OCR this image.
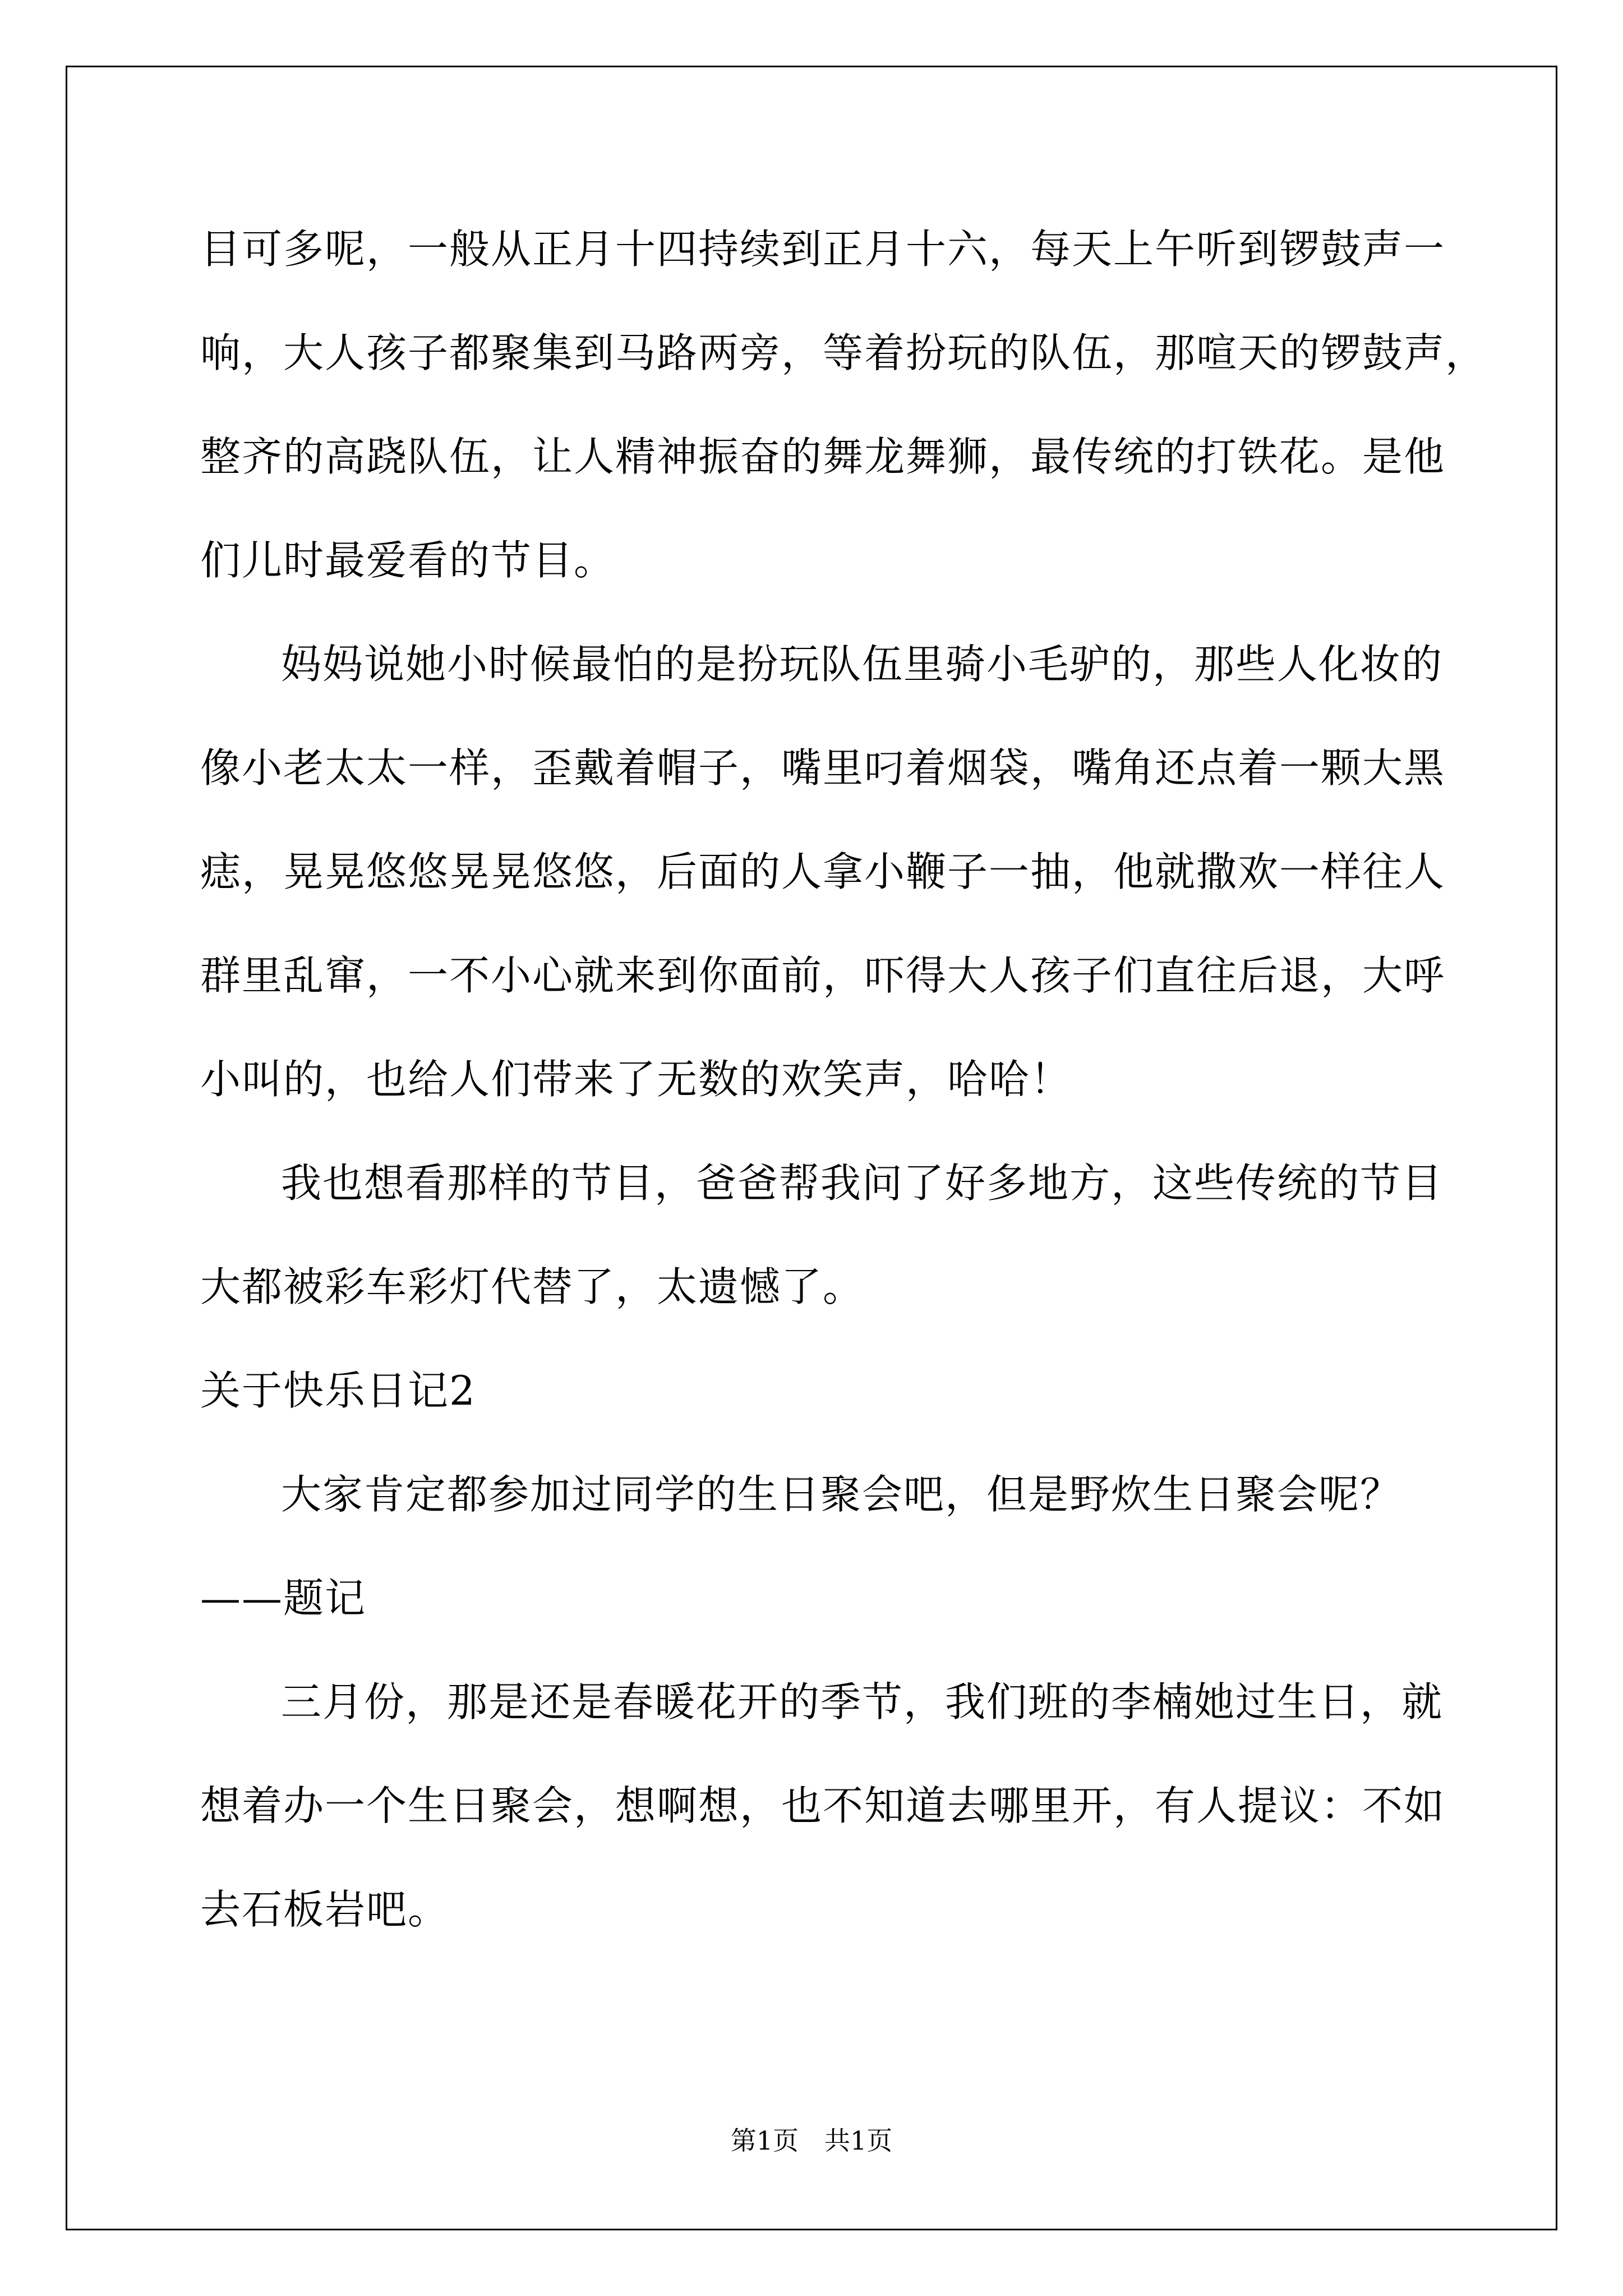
目可多呢，一般从正月十四持续到正月十六，每天上午听到锣鼓声一
响，大人孩子都聚集到马路两旁，等着扮玩的队伍，那喧天的锣鼓声，
整齐的高跷队伍，让人精神振奋的舞龙舞狮，最传统的打铁花。是他
们儿时最爱看的节目。
妈妈说她小时候最怕的是扮玩队伍里骑小毛驴的，那些人化妆的
像小老太太一样，歪戴着帽子，嘴里叼着烟袋，嘴角还点着一颗大黑
痣，晃晃悠悠晃晃悠悠，后面的人拿小鞭子一抽，他就撒欢一样往人
群里乱窜，一不小心就来到你面前，吓得大人孩子们直往后退，大呼
小叫的，也给人们带来了无数的欢笑声，哈哈！
我也想看那样的节目，爸爸帮我问了好多地方，这些传统的节目
大都被彩车彩灯代替了，太遗憾了。
关于快乐日记2
大家肯定都参加过同学的生日聚会吧，但是野炊生日聚会呢？
——题记
三月份，那是还是春暖花开的季节，我们班的李楠她过生日，就
想着办一个生日聚会，想啊想，也不知道去哪里开，有人提议：不如
去石板岩吧。
第1页　共1页
